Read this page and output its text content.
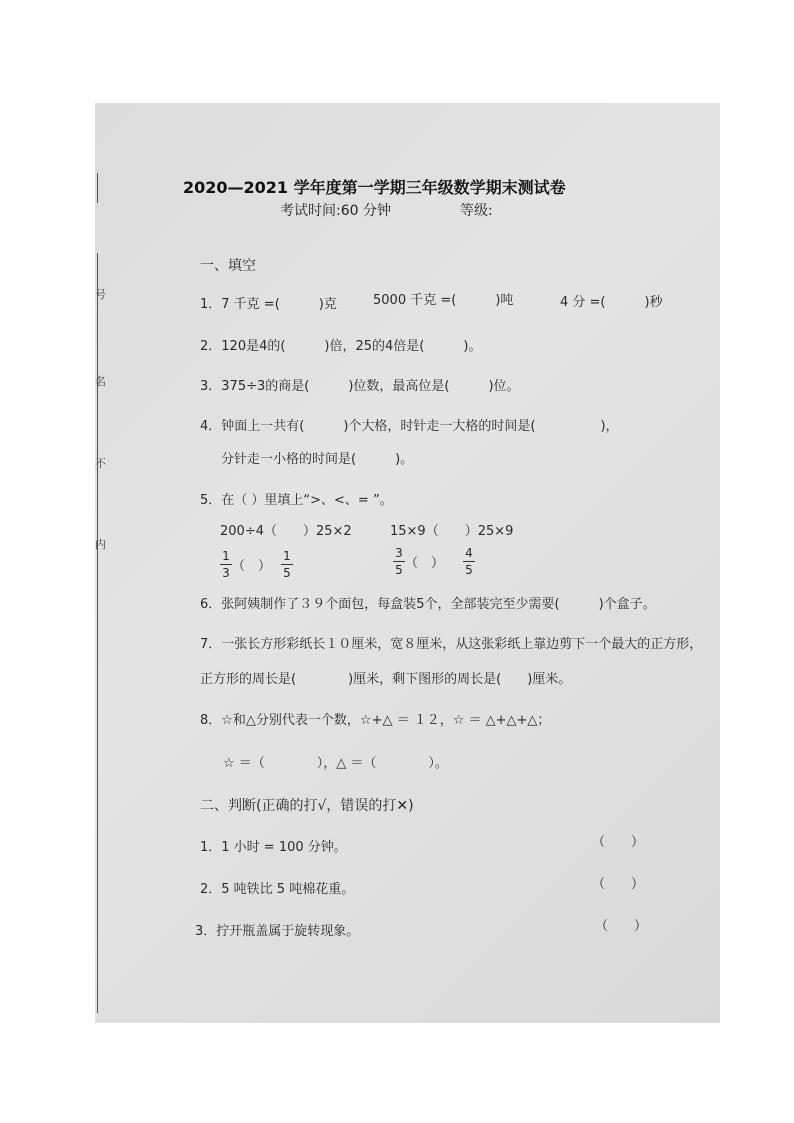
号
名
不
内
2020—2021 学年度第一学期三年级数学期末测试卷
考试时间:60 分钟	等级:
一、填空
1．7 千克 =(　　　)克	5000 千克 =(　　　)吨	4 分 =(　　　)秒
2．120是4的(　　　)倍，25的4倍是(　　　)。
3．375÷3的商是(　　　)位数，最高位是(　　　)位。
4．钟面上一共有(　　　)个大格，时针走一大格的时间是(　　　　　)，
分针走一小格的时间是(　　　)。
5．在（ ）里填上“>、<、= ”。
200÷4（　　）25×2	15×9（　　）25×9
1
3 （　）
1
5
3
5 （　）
4
5
6．张阿姨制作了３９个面包，每盒装5个，全部装完至少需要(　　　)个盒子。
7．一张长方形彩纸长１０厘米，宽８厘米，从这张彩纸上靠边剪下一个最大的正方形，
正方形的周长是(　　　　)厘米，剩下图形的周长是(　　)厘米。
8．☆和△分别代表一个数，☆+△ ＝ １２，☆ ＝ △+△+△；
☆ ＝（　　　　），△ ＝（　　　　）。
二、判断(正确的打√，错误的打✕)
1．1 小时 = 100 分钟。	（　　）
2．5 吨铁比 5 吨棉花重。	（　　）
3．拧开瓶盖属于旋转现象。	（　　）
